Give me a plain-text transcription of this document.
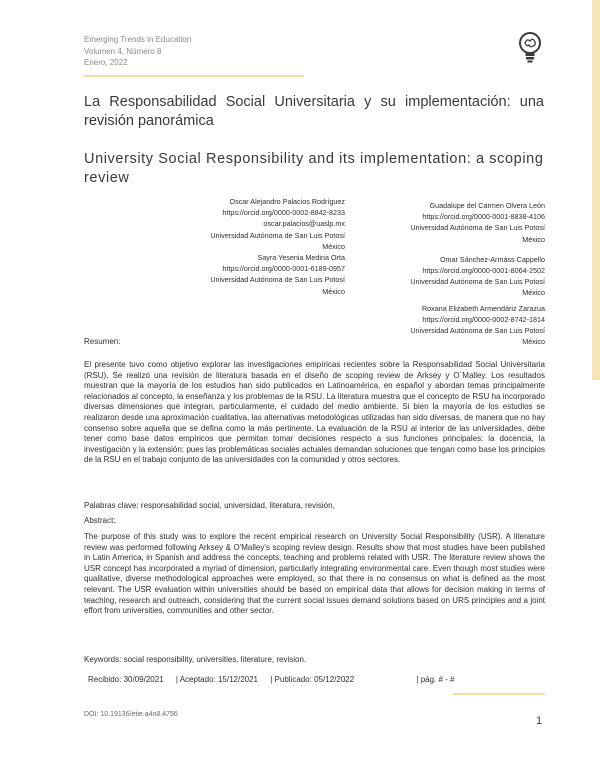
Emerging Trends in Education
Volumen 4, Número 8
Enero, 2022
La Responsabilidad Social Universitaria y su implementación: una revisión panorámica
University Social Responsibility and its implementation: a scoping review
Oscar Alejandro Palacios Rodríguez
https://orcid.org/0000-0002-8842-8233
oscar.palacios@uaslp.mx
Universidad Autónoma de San Luis Potosí
México
Sayra Yesenia Medina Orta
https://orcid.org/0000-0001-6189-0957
Universidad Autónoma de San Luis Potosí
México
Guadalupe del Carmen Olvera León
https://orcid.org/0000-0001-8838-4106
Universidad Autónoma de San Luis Potosí
México
Omar Sánchez-Armáss Cappello
https://orcid.org/0000-0001-8064-2502
Universidad Autónoma de San Luis Potosí
México
Roxana Elizabeth Armendáriz Zarazua
https://orcid.org/0000-0002-8742-1814
Universidad Autónoma de San Luis Potosí
México
Resumen:
El presente tuvo como objetivo explorar las investigaciones empíricas recientes sobre la Responsabilidad Social Universitaria (RSU). Se realizó una revisión de literatura basada en el diseño de scoping review de Arksey y O´Malley. Los resultados muestran que la mayoría de los estudios han sido publicados en Latinoamérica, en español y abordan temas principalmente relacionados al concepto, la enseñanza y los problemas de la RSU. La literatura muestra que el concepto de RSU ha incorporado diversas dimensiones que integran, particularmente, el cuidado del medio ambiente. Si bien la mayoría de los estudios se realizaron desde una aproximación cualitativa, las alternativas metodológicas utilizadas han sido diversas, de manera que no hay consenso sobre aquella que se defina como la más pertinente. La evaluación de la RSU al interior de las universidades, debe tener como base datos empíricos que permitan tomar decisiones respecto a sus funciones principales: la docencia, la investigación y la extensión; pues las problemáticas sociales actuales demandan soluciones que tengan como base los principios de la RSU en el trabajo conjunto de las universidades con la comunidad y otros sectores.
Palabras clave: responsabilidad social, universidad, literatura, revisión,
Abstract:
The purpose of this study was to explore the recent empirical research on University Social Responsibility (USR). A literature review was performed following Arksey & O'Malley's scoping review design. Results show that most studies have been published in Latin America, in Spanish and address the concepts, teaching and problems related with USR. The literature review shows the USR concept has incorporated a myriad of dimension, particularly integrating environmental care. Even though most studies were qualitative, diverse methodological approaches were employed, so that there is no consensus on what is defined as the most relevant. The USR evaluation within universities should be based on empirical data that allows for decision making in terms of teaching, research and outreach, considering that the current social issues demand solutions based on URS principles and a joint effort from universities, communities and other sector.
Keywords: social responsibility, universities, literature, revision.
Recibido: 30/09/2021 | Aceptado: 15/12/2021 | Publicado: 05/12/2022	| pág. # - #
DOI: 10.19136/etie.a4n8.4756
1
